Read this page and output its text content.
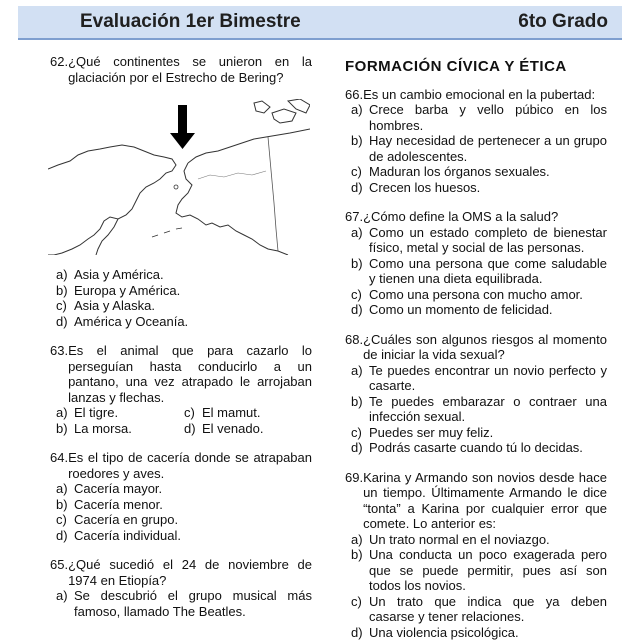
Evaluación 1er Bimestre	6to Grado
62. ¿Qué continentes se unieron en la glaciación por el Estrecho de Bering?
a) Asia y América.
b) Europa y América.
c) Asia y Alaska.
d) América y Oceanía.
63. Es el animal que para cazarlo lo perseguían hasta conducirlo a un pantano, una vez atrapado le arrojaban lanzas y flechas.
a) El tigre.	c) El mamut.
b) La morsa.	d) El venado.
64. Es el tipo de cacería donde se atrapaban roedores y aves.
a) Cacería mayor.
b) Cacería menor.
c) Cacería en grupo.
d) Cacería individual.
65. ¿Qué sucedió el 24 de noviembre de 1974 en Etiopía?
a) Se descubrió el grupo musical más famoso, llamado The Beatles.
FORMACIÓN CÍVICA Y ÉTICA
66. Es un cambio emocional en la pubertad:
a) Crece barba y vello púbico en los hombres.
b) Hay necesidad de pertenecer a un grupo de adolescentes.
c) Maduran los órganos sexuales.
d) Crecen los huesos.
67. ¿Cómo define la OMS a la salud?
a) Como un estado completo de bienestar físico, metal y social de las personas.
b) Como una persona que come saludable y tienen una dieta equilibrada.
c) Como una persona con mucho amor.
d) Como un momento de felicidad.
68. ¿Cuáles son algunos riesgos al momento de iniciar la vida sexual?
a) Te puedes encontrar un novio perfecto y casarte.
b) Te puedes embarazar o contraer una infección sexual.
c) Puedes ser muy feliz.
d) Podrás casarte cuando tú lo decidas.
69. Karina y Armando son novios desde hace un tiempo. Últimamente Armando le dice “tonta” a Karina por cualquier error que comete. Lo anterior es:
a) Un trato normal en el noviazgo.
b) Una conducta un poco exagerada pero que se puede permitir, pues así son todos los novios.
c) Un trato que indica que ya deben casarse y tener relaciones.
d) Una violencia psicológica.
